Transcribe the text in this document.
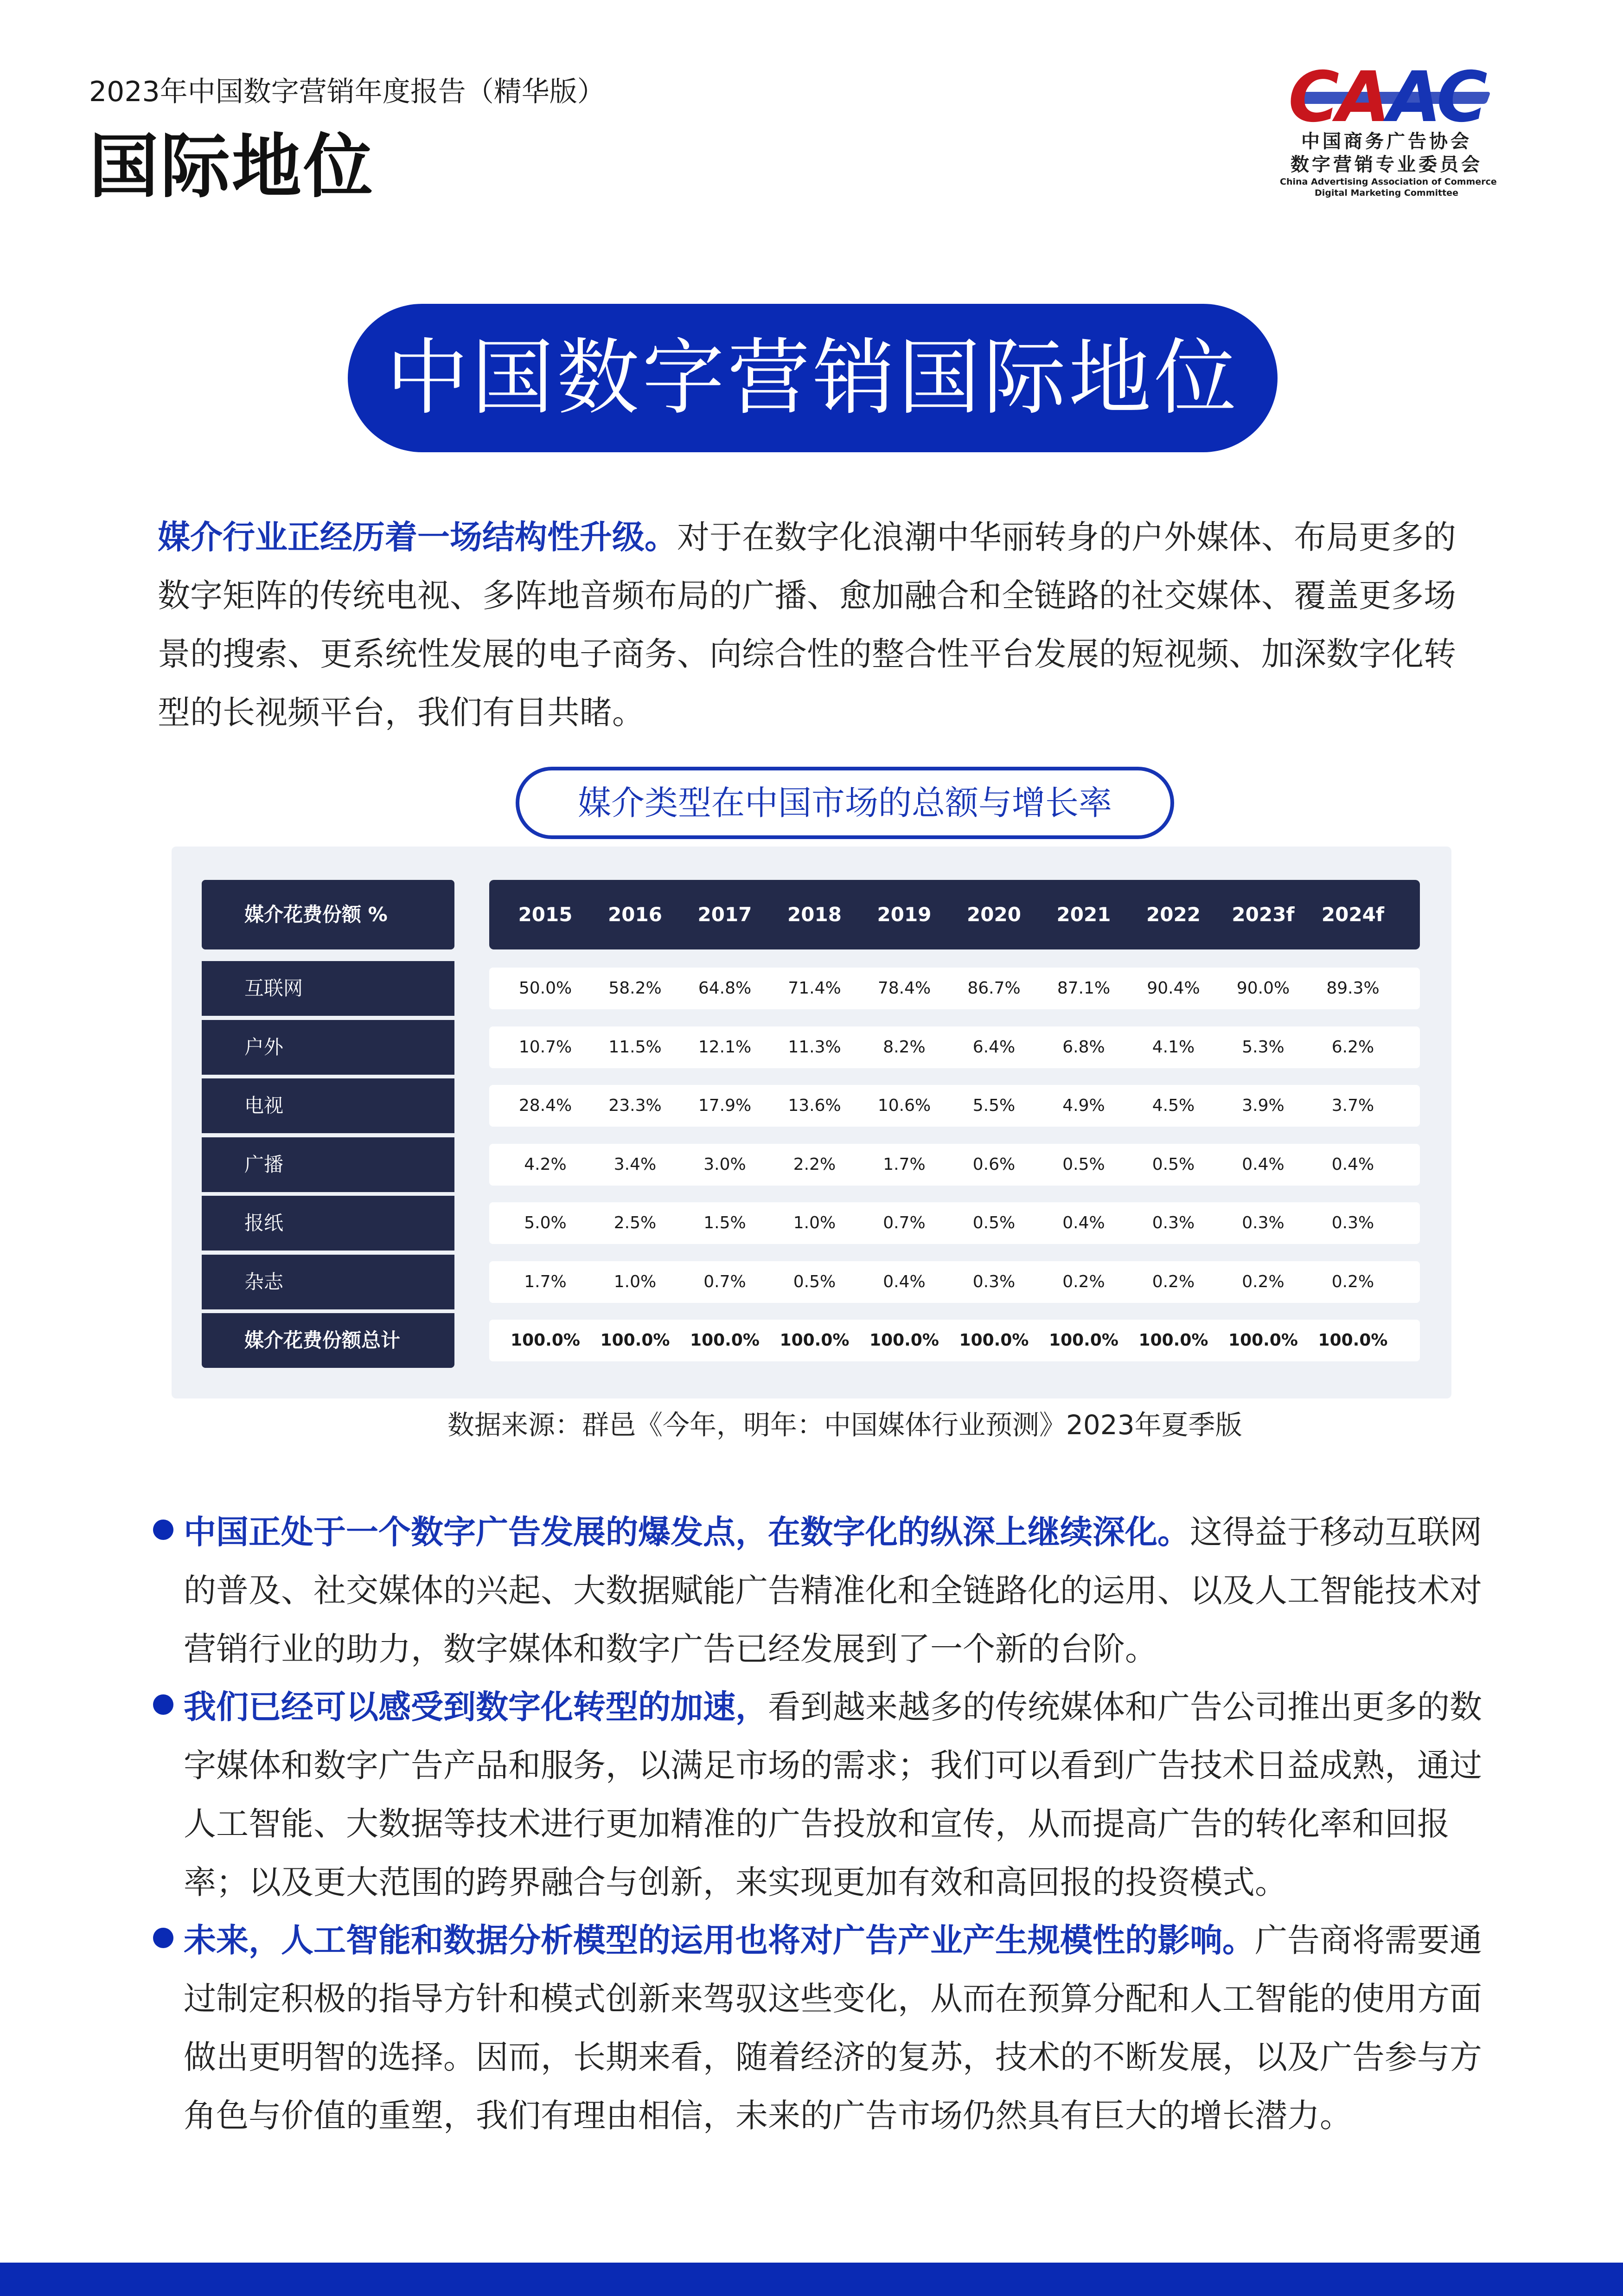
2023年中国数字营销年度报告（精华版）
国际地位
CAAC
中国商务广告协会
数字营销专业委员会
China Advertising Association of Commerce
Digital Marketing Committee
中国数字营销国际地位
媒介行业正经历着一场结构性升级。对于在数字化浪潮中华丽转身的户外媒体、布局更多的数字矩阵的传统电视、多阵地音频布局的广播、愈加融合和全链路的社交媒体、覆盖更多场景的搜索、更系统性发展的电子商务、向综合性的整合性平台发展的短视频、加深数字化转型的长视频平台，我们有目共睹。
媒介类型在中国市场的总额与增长率
媒介花费份额 %	2015	2016	2017	2018	2019	2020	2021	2022	2023f	2024f
互联网	50.0%	58.2%	64.8%	71.4%	78.4%	86.7%	87.1%	90.4%	90.0%	89.3%
户外	10.7%	11.5%	12.1%	11.3%	8.2%	6.4%	6.8%	4.1%	5.3%	6.2%
电视	28.4%	23.3%	17.9%	13.6%	10.6%	5.5%	4.9%	4.5%	3.9%	3.7%
广播	4.2%	3.4%	3.0%	2.2%	1.7%	0.6%	0.5%	0.5%	0.4%	0.4%
报纸	5.0%	2.5%	1.5%	1.0%	0.7%	0.5%	0.4%	0.3%	0.3%	0.3%
杂志	1.7%	1.0%	0.7%	0.5%	0.4%	0.3%	0.2%	0.2%	0.2%	0.2%
媒介花费份额总计	100.0%	100.0%	100.0%	100.0%	100.0%	100.0%	100.0%	100.0%	100.0%	100.0%
数据来源：群邑《今年，明年：中国媒体行业预测》2023年夏季版
中国正处于一个数字广告发展的爆发点，在数字化的纵深上继续深化。这得益于移动互联网的普及、社交媒体的兴起、大数据赋能广告精准化和全链路化的运用、以及人工智能技术对营销行业的助力，数字媒体和数字广告已经发展到了一个新的台阶。
我们已经可以感受到数字化转型的加速，看到越来越多的传统媒体和广告公司推出更多的数字媒体和数字广告产品和服务，以满足市场的需求；我们可以看到广告技术日益成熟，通过人工智能、大数据等技术进行更加精准的广告投放和宣传，从而提高广告的转化率和回报率；以及更大范围的跨界融合与创新，来实现更加有效和高回报的投资模式。
未来，人工智能和数据分析模型的运用也将对广告产业产生规模性的影响。广告商将需要通过制定积极的指导方针和模式创新来驾驭这些变化，从而在预算分配和人工智能的使用方面做出更明智的选择。因而，长期来看，随着经济的复苏，技术的不断发展，以及广告参与方角色与价值的重塑，我们有理由相信，未来的广告市场仍然具有巨大的增长潜力。
